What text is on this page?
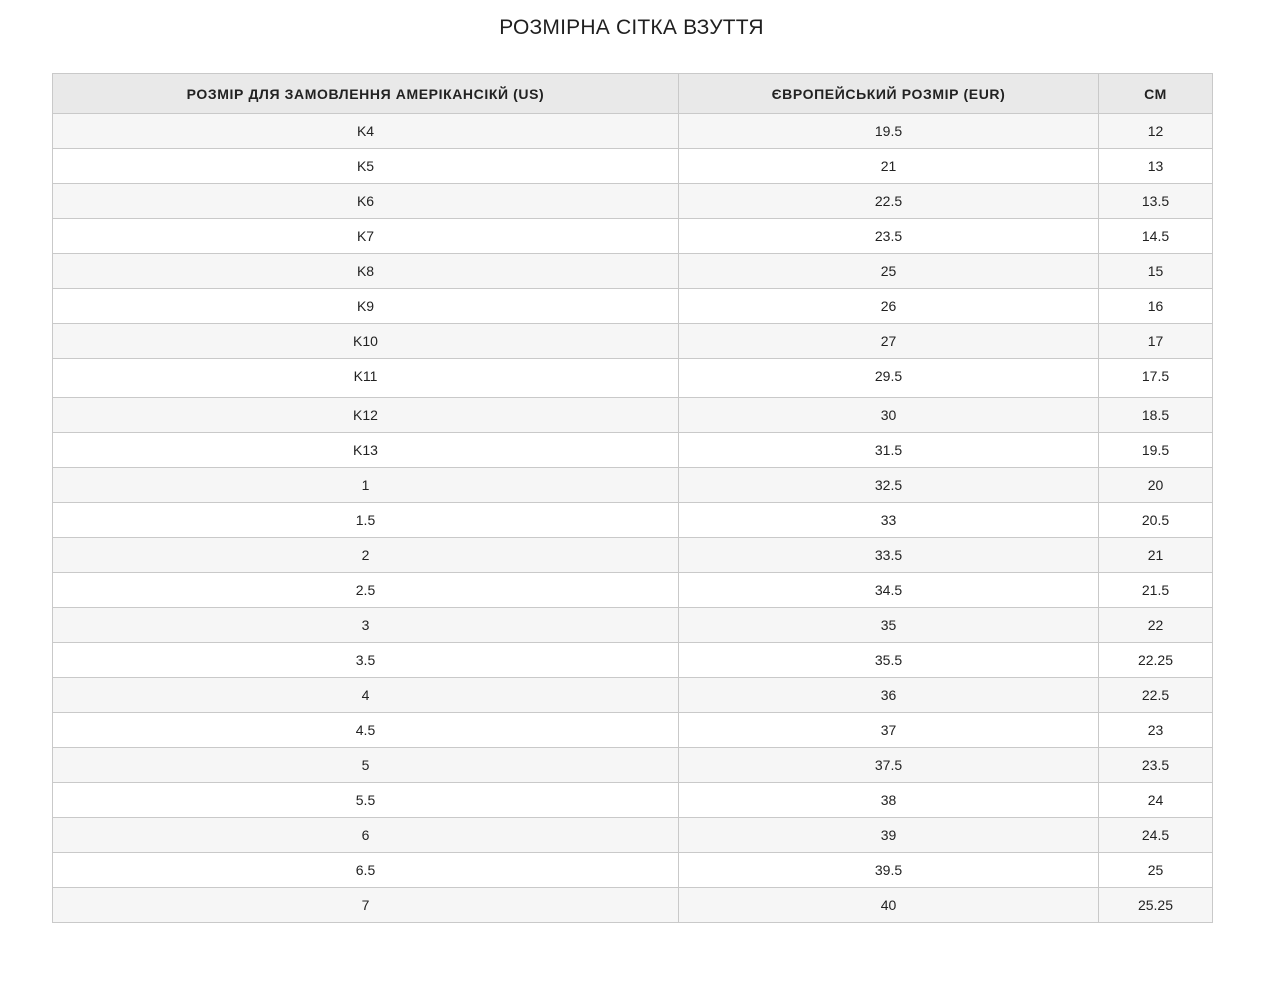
РОЗМІРНА СІТКА ВЗУТТЯ
РОЗМІР ДЛЯ ЗАМОВЛЕННЯ АМЕРІКАНСІКЙ (US)	ЄВРОПЕЙСЬКИЙ РОЗМІР (EUR)	СМ
K4	19.5	12
K5	21	13
K6	22.5	13.5
K7	23.5	14.5
K8	25	15
K9	26	16
K10	27	17
K11	29.5	17.5
K12	30	18.5
K13	31.5	19.5
1	32.5	20
1.5	33	20.5
2	33.5	21
2.5	34.5	21.5
3	35	22
3.5	35.5	22.25
4	36	22.5
4.5	37	23
5	37.5	23.5
5.5	38	24
6	39	24.5
6.5	39.5	25
7	40	25.25
